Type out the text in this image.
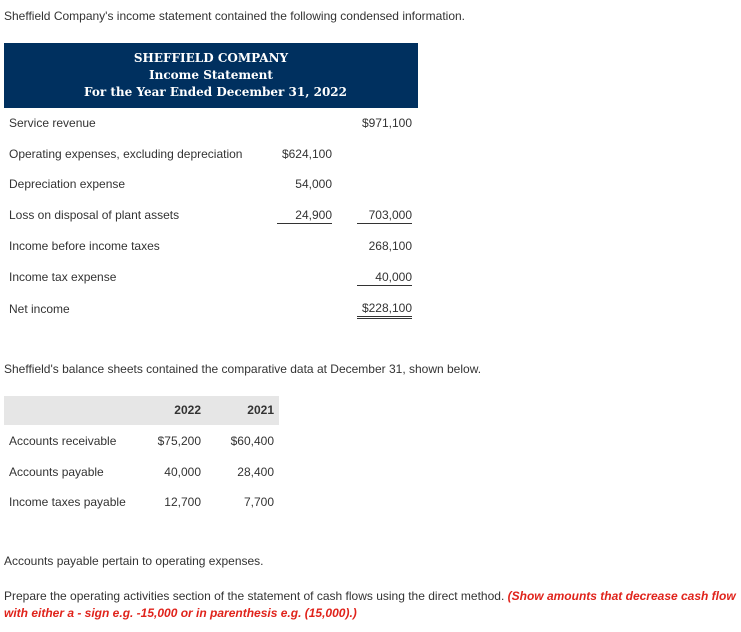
Sheffield Company's income statement contained the following condensed information.
SHEFFIELD COMPANY
Income Statement
For the Year Ended December 31, 2022
Service revenue	$971,100
Operating expenses, excluding depreciation	$624,100
Depreciation expense	54,000
Loss on disposal of plant assets	24,900	703,000
Income before income taxes	268,100
Income tax expense	40,000
Net income	$228,100
Sheffield's balance sheets contained the comparative data at December 31, shown below.
2022	2021
Accounts receivable	$75,200 $60,400
Accounts payable	40,000	28,400
Income taxes payable	12,700	7,700
Accounts payable pertain to operating expenses.
Prepare the operating activities section of the statement of cash flows using the direct method. (Show amounts that decrease cash flow with either a - sign e.g. -15,000 or in parenthesis e.g. (15,000).)
